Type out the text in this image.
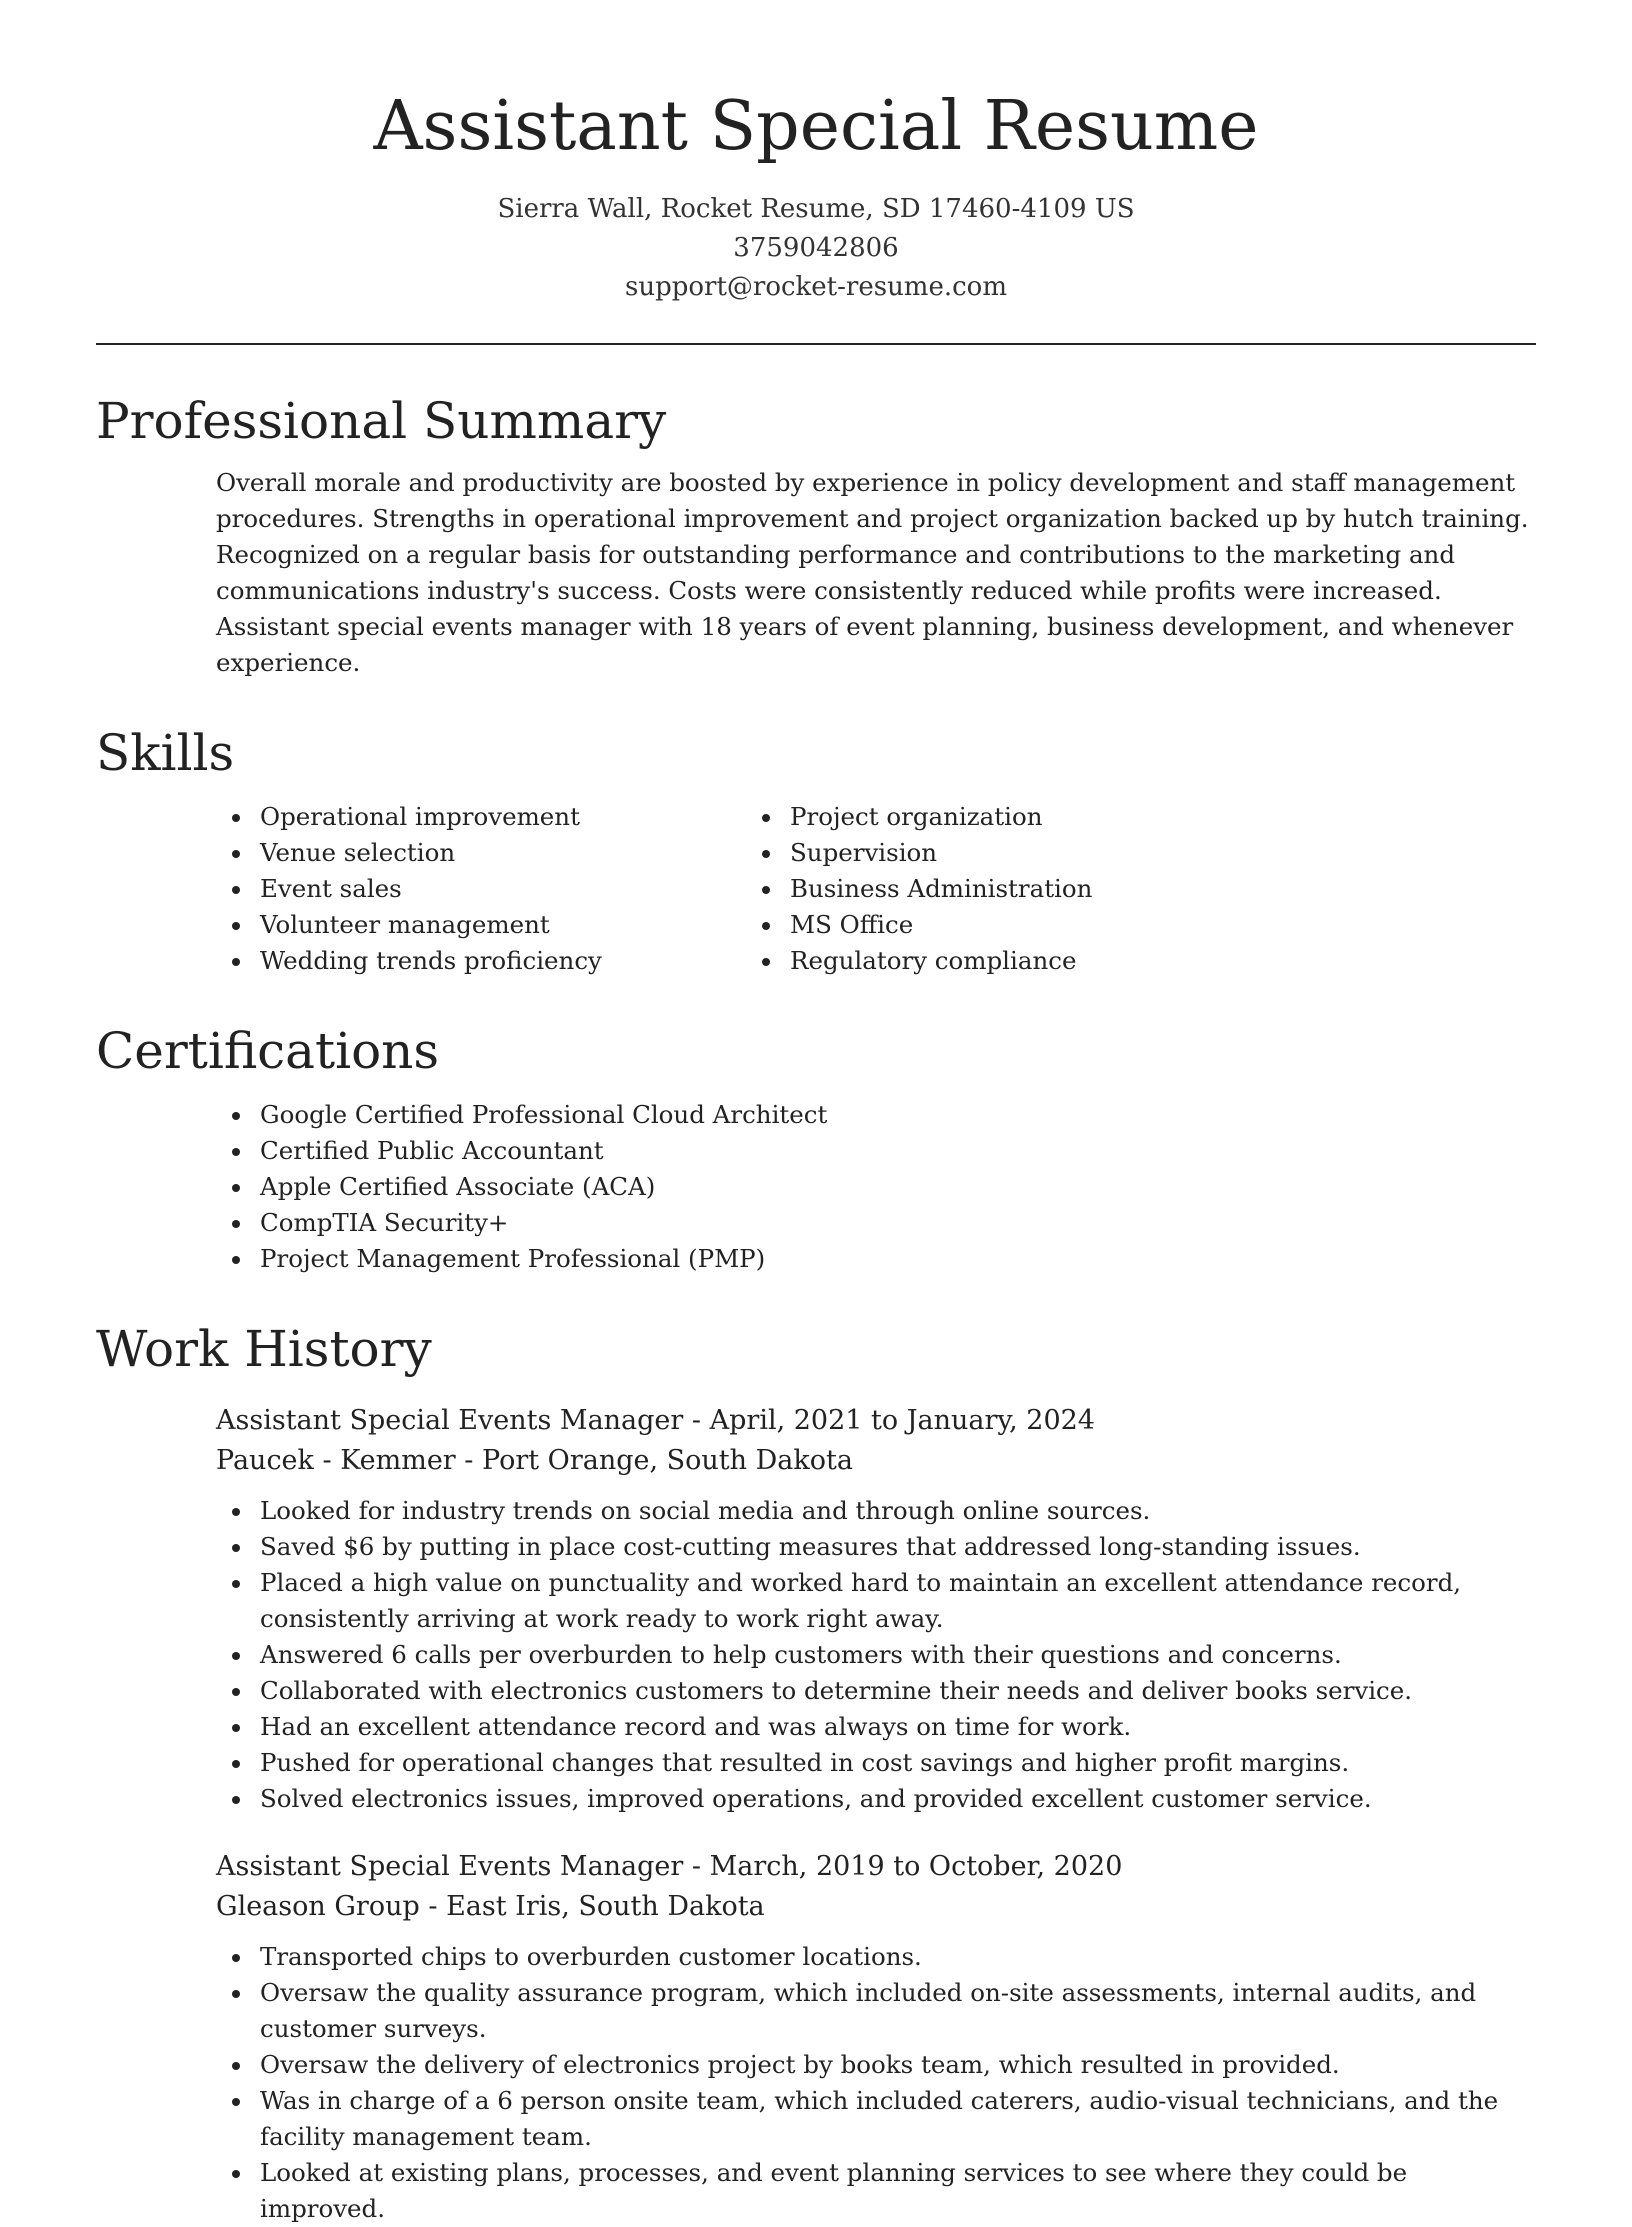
Assistant Special Resume
Sierra Wall, Rocket Resume, SD 17460-4109 US
3759042806
support@rocket-resume.com
Professional Summary

Overall morale and productivity are boosted by experience in policy development and staff management procedures. Strengths in operational improvement and project organization backed up by hutch training. Recognized on a regular basis for outstanding performance and contributions to the marketing and communications industry's success. Costs were consistently reduced while profits were increased. Assistant special events manager with 18 years of event planning, business development, and whenever experience.

Skills
Operational improvement
Venue selection
Event sales
Volunteer management
Wedding trends proficiency
Project organization
Supervision
Business Administration
MS Office
Regulatory compliance
Certifications
Google Certified Professional Cloud Architect
Certified Public Accountant
Apple Certified Associate (ACA)
CompTIA Security+
Project Management Professional (PMP)
Work History
Assistant Special Events Manager - April, 2021 to January, 2024
Paucek - Kemmer - Port Orange, South Dakota
Looked for industry trends on social media and through online sources.
Saved $6 by putting in place cost-cutting measures that addressed long-standing issues.
Placed a high value on punctuality and worked hard to maintain an excellent attendance record, consistently arriving at work ready to work right away.
Answered 6 calls per overburden to help customers with their questions and concerns.
Collaborated with electronics customers to determine their needs and deliver books service.
Had an excellent attendance record and was always on time for work.
Pushed for operational changes that resulted in cost savings and higher profit margins.
Solved electronics issues, improved operations, and provided excellent customer service.
Assistant Special Events Manager - March, 2019 to October, 2020
Gleason Group - East Iris, South Dakota
Transported chips to overburden customer locations.
Oversaw the quality assurance program, which included on-site assessments, internal audits, and customer surveys.
Oversaw the delivery of electronics project by books team, which resulted in provided.
Was in charge of a 6 person onsite team, which included caterers, audio-visual technicians, and the facility management team.
Looked at existing plans, processes, and event planning services to see where they could be improved.
